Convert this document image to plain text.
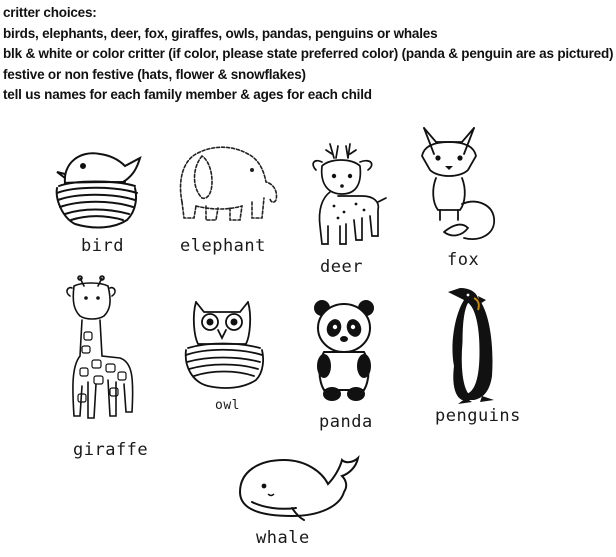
critter choices:
birds, elephants, deer, fox, giraffes, owls, pandas, penguins or whales
blk & white or color critter (if color, please state preferred color) (panda & penguin are as pictured)
festive or non festive (hats, flower & snowflakes)
tell us names for each family member & ages for each child
bird	elephant
deer	fox
giraffe
owl
panda	penguins
whale
